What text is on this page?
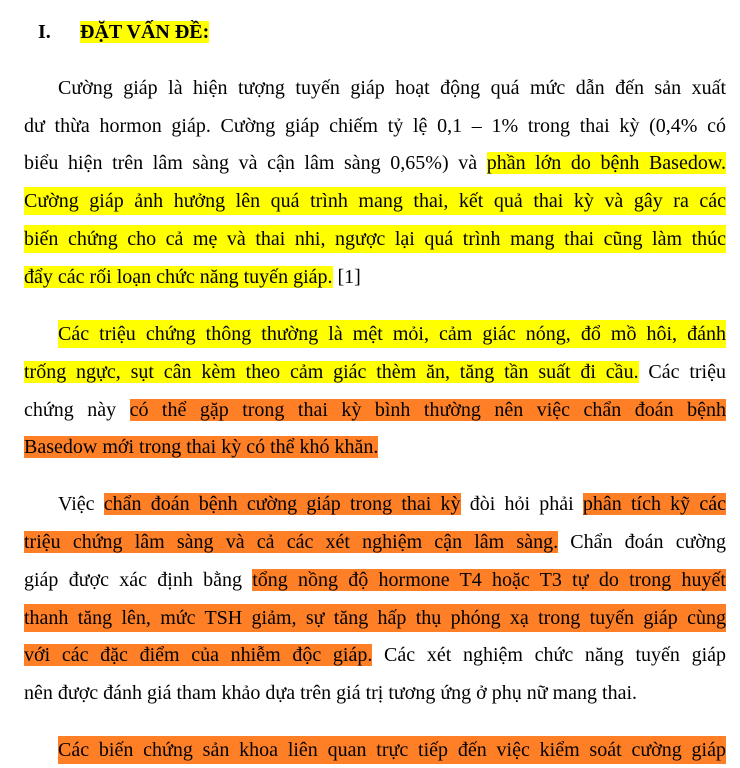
I. ĐẶT VẤN ĐỀ:
Cường giáp là hiện tượng tuyến giáp hoạt động quá mức dẫn đến sản xuất
dư thừa hormon giáp. Cường giáp chiếm tỷ lệ 0,1 – 1% trong thai kỳ (0,4% có
biểu hiện trên lâm sàng và cận lâm sàng 0,65%) và phần lớn do bệnh Basedow.
Cường giáp ảnh hưởng lên quá trình mang thai, kết quả thai kỳ và gây ra các
biến chứng cho cả mẹ và thai nhi, ngược lại quá trình mang thai cũng làm thúc
đẩy các rối loạn chức năng tuyến giáp. [1]
Các triệu chứng thông thường là mệt mỏi, cảm giác nóng, đổ mồ hôi, đánh
trống ngực, sụt cân kèm theo cảm giác thèm ăn, tăng tần suất đi cầu. Các triệu
chứng này có thể gặp trong thai kỳ bình thường nên việc chẩn đoán bệnh
Basedow mới trong thai kỳ có thể khó khăn.
Việc chẩn đoán bệnh cường giáp trong thai kỳ đòi hỏi phải phân tích kỹ các
triệu chứng lâm sàng và cả các xét nghiệm cận lâm sàng. Chẩn đoán cường
giáp được xác định bằng tổng nồng độ hormone T4 hoặc T3 tự do trong huyết
thanh tăng lên, mức TSH giảm, sự tăng hấp thụ phóng xạ trong tuyến giáp cùng
với các đặc điểm của nhiễm độc giáp. Các xét nghiệm chức năng tuyến giáp
nên được đánh giá tham khảo dựa trên giá trị tương ứng ở phụ nữ mang thai.
Các biến chứng sản khoa liên quan trực tiếp đến việc kiểm soát cường giáp
